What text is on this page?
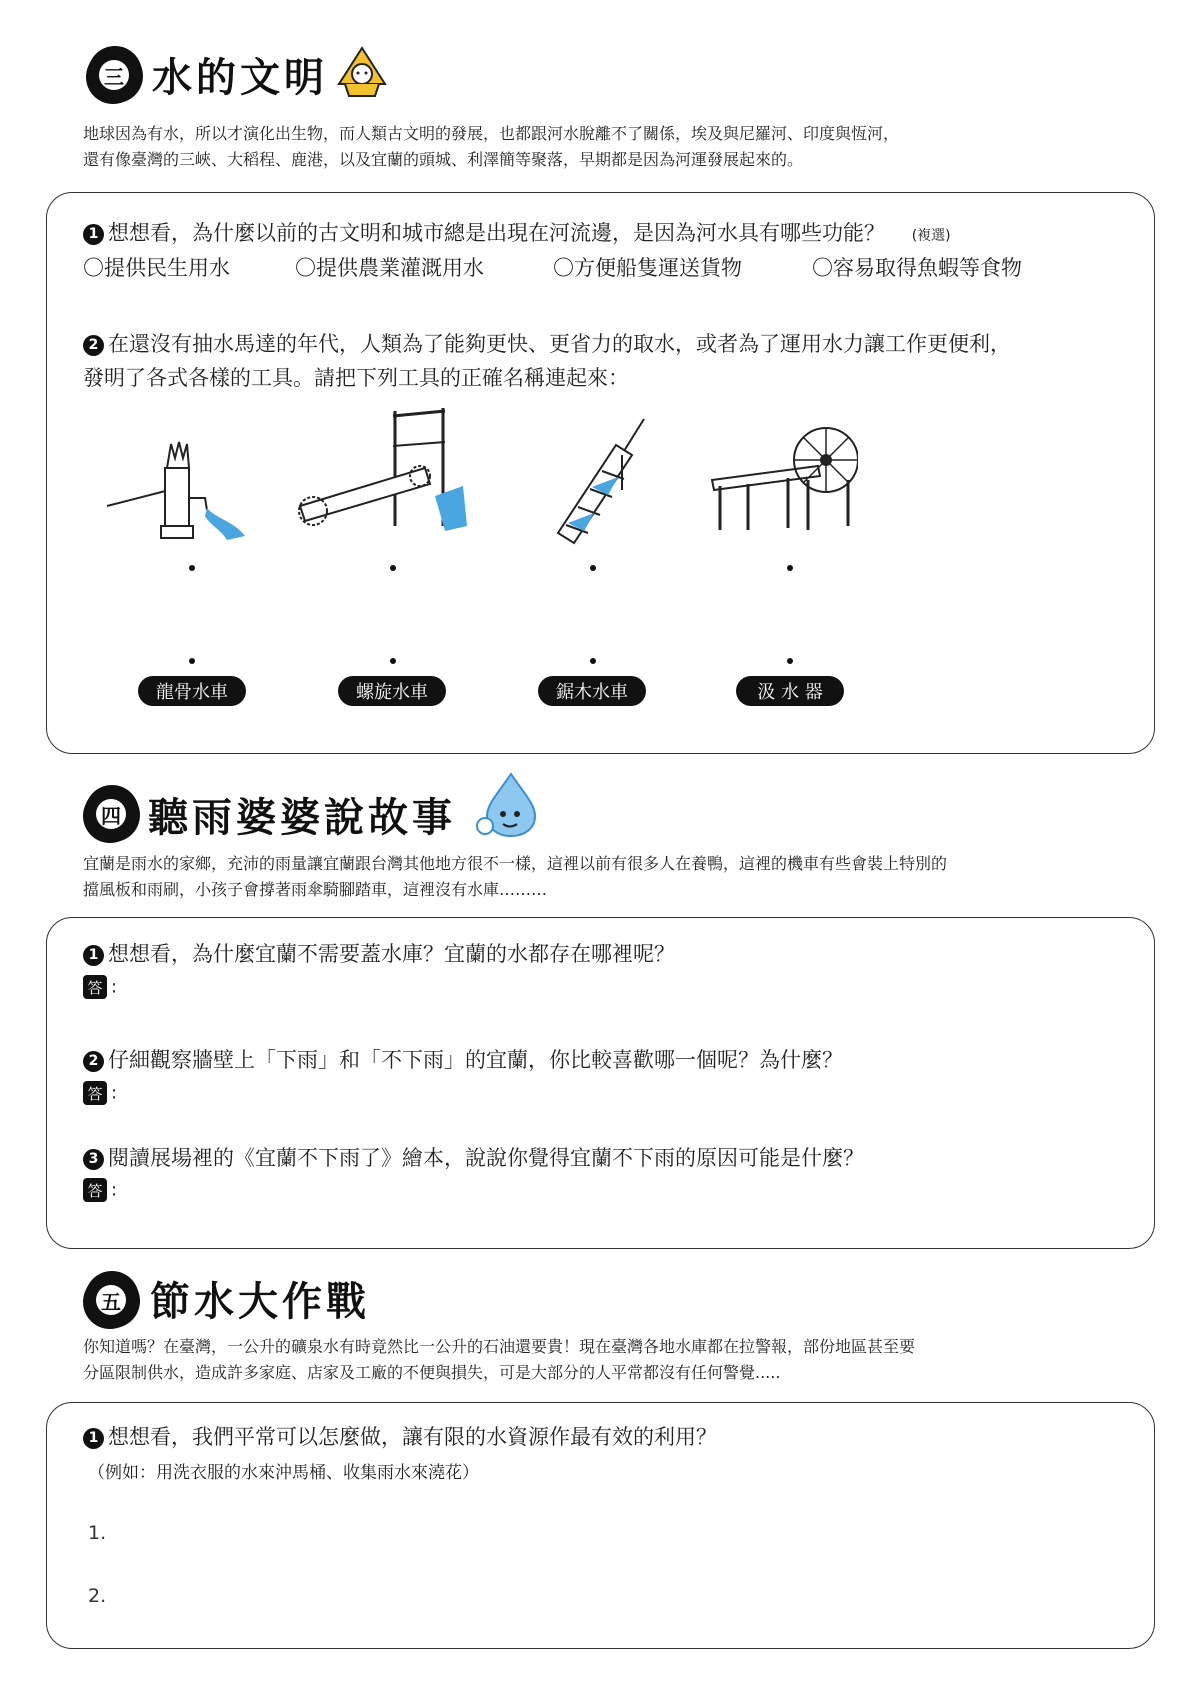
三 水的文明
地球因為有水，所以才演化出生物，而人類古文明的發展，也都跟河水脫離不了關係，埃及與尼羅河、印度與恆河，
還有像臺灣的三峽、大稻程、鹿港，以及宜蘭的頭城、利澤簡等聚落，早期都是因為河運發展起來的。
1 想想看，為什麼以前的古文明和城市總是出現在河流邊，是因為河水具有哪些功能？ (複選)
〇提供民生用水	〇提供農業灌溉用水	〇方便船隻運送貨物	〇容易取得魚蝦等食物
2 在還沒有抽水馬達的年代，人類為了能夠更快、更省力的取水，或者為了運用水力讓工作更便利，
發明了各式各樣的工具。請把下列工具的正確名稱連起來：
龍骨水車	螺旋水車	鋸木水車	汲 水 器
四 聽雨婆婆說故事
宜蘭是雨水的家鄉，充沛的雨量讓宜蘭跟台灣其他地方很不一樣，這裡以前有很多人在養鴨，這裡的機車有些會裝上特別的
擋風板和雨刷，小孩子會撐著雨傘騎腳踏車，這裡沒有水庫………
1 想想看，為什麼宜蘭不需要蓋水庫？宜蘭的水都存在哪裡呢？
答 :
2 仔細觀察牆壁上「下雨」和「不下雨」的宜蘭，你比較喜歡哪一個呢？為什麼？
答 :
3 閱讀展場裡的《宜蘭不下雨了》繪本，說說你覺得宜蘭不下雨的原因可能是什麼？
答 :
五 節水大作戰
你知道嗎？在臺灣，一公升的礦泉水有時竟然比一公升的石油還要貴！現在臺灣各地水庫都在拉警報，部份地區甚至要
分區限制供水，造成許多家庭、店家及工廠的不便與損失，可是大部分的人平常都沒有任何警覺.....
1 想想看，我們平常可以怎麼做，讓有限的水資源作最有效的利用？
（例如：用洗衣服的水來沖馬桶、收集雨水來澆花）
1.
2.
